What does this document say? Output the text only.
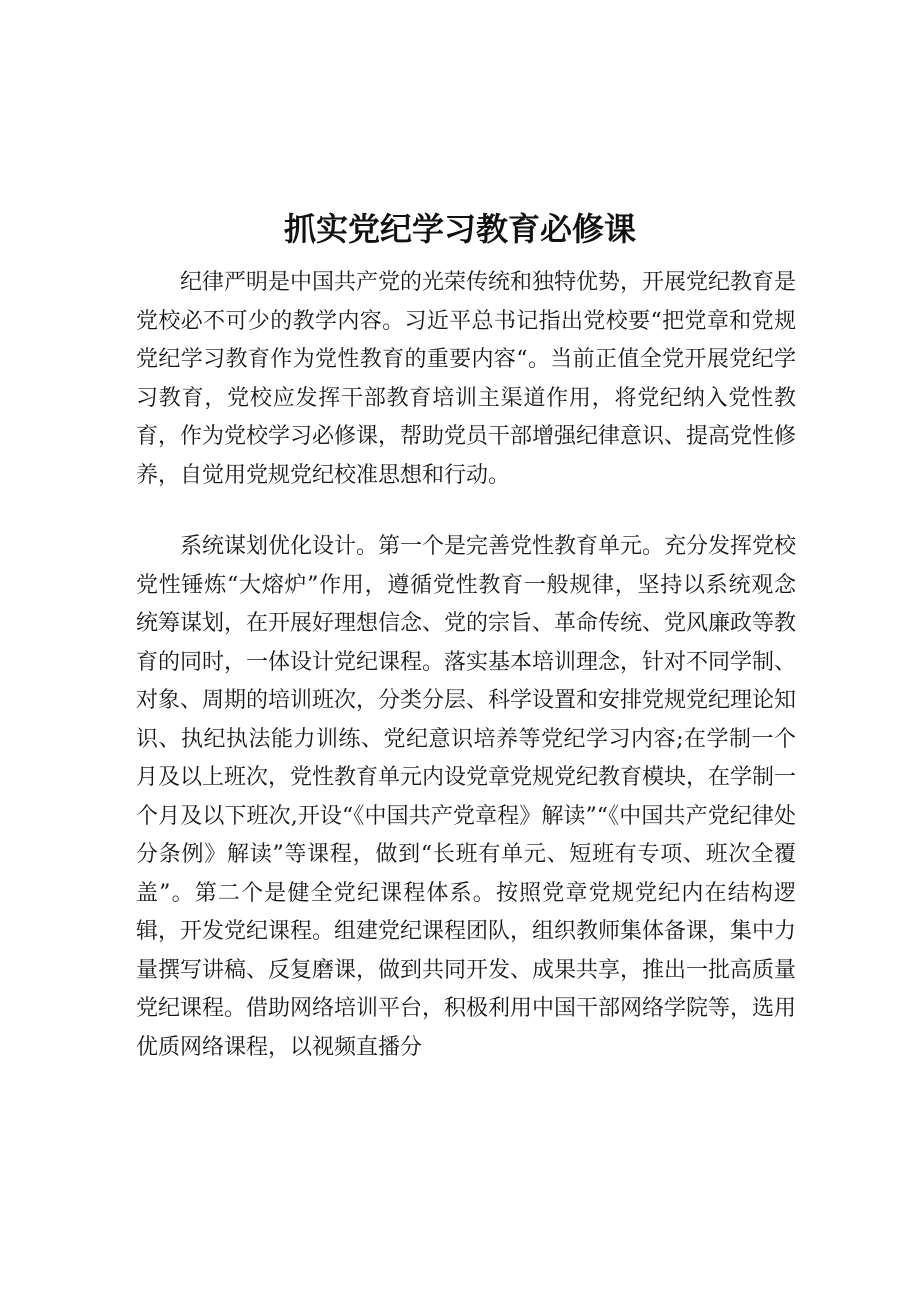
抓实党纪学习教育必修课

纪律严明是中国共产党的光荣传统和独特优势，开展党纪教育是党校必不可少的教学内容。习近平总书记指出党校要“把党章和党规党纪学习教育作为党性教育的重要内容“。当前正值全党开展党纪学习教育，党校应发挥干部教育培训主渠道作用，将党纪纳入党性教育，作为党校学习必修课，帮助党员干部增强纪律意识、提高党性修养，自觉用党规党纪校准思想和行动。

系统谋划优化设计。第一个是完善党性教育单元。充分发挥党校党性锤炼“大熔炉”作用，遵循党性教育一般规律，坚持以系统观念统筹谋划，在开展好理想信念、党的宗旨、革命传统、党风廉政等教育的同时，一体设计党纪课程。落实基本培训理念，针对不同学制、对象、周期的培训班次，分类分层、科学设置和安排党规党纪理论知识、执纪执法能力训练、党纪意识培养等党纪学习内容;在学制一个月及以上班次，党性教育单元内设党章党规党纪教育模块，在学制一个月及以下班次,开设“《中国共产党章程》解读”“《中国共产党纪律处分条例》解读”等课程，做到“长班有单元、短班有专项、班次全覆盖”。第二个是健全党纪课程体系。按照党章党规党纪内在结构逻辑，开发党纪课程。组建党纪课程团队，组织教师集体备课，集中力量撰写讲稿、反复磨课，做到共同开发、成果共享，推出一批高质量党纪课程。借助网络培训平台，积极利用中国干部网络学院等，选用优质网络课程，以视频直播分
